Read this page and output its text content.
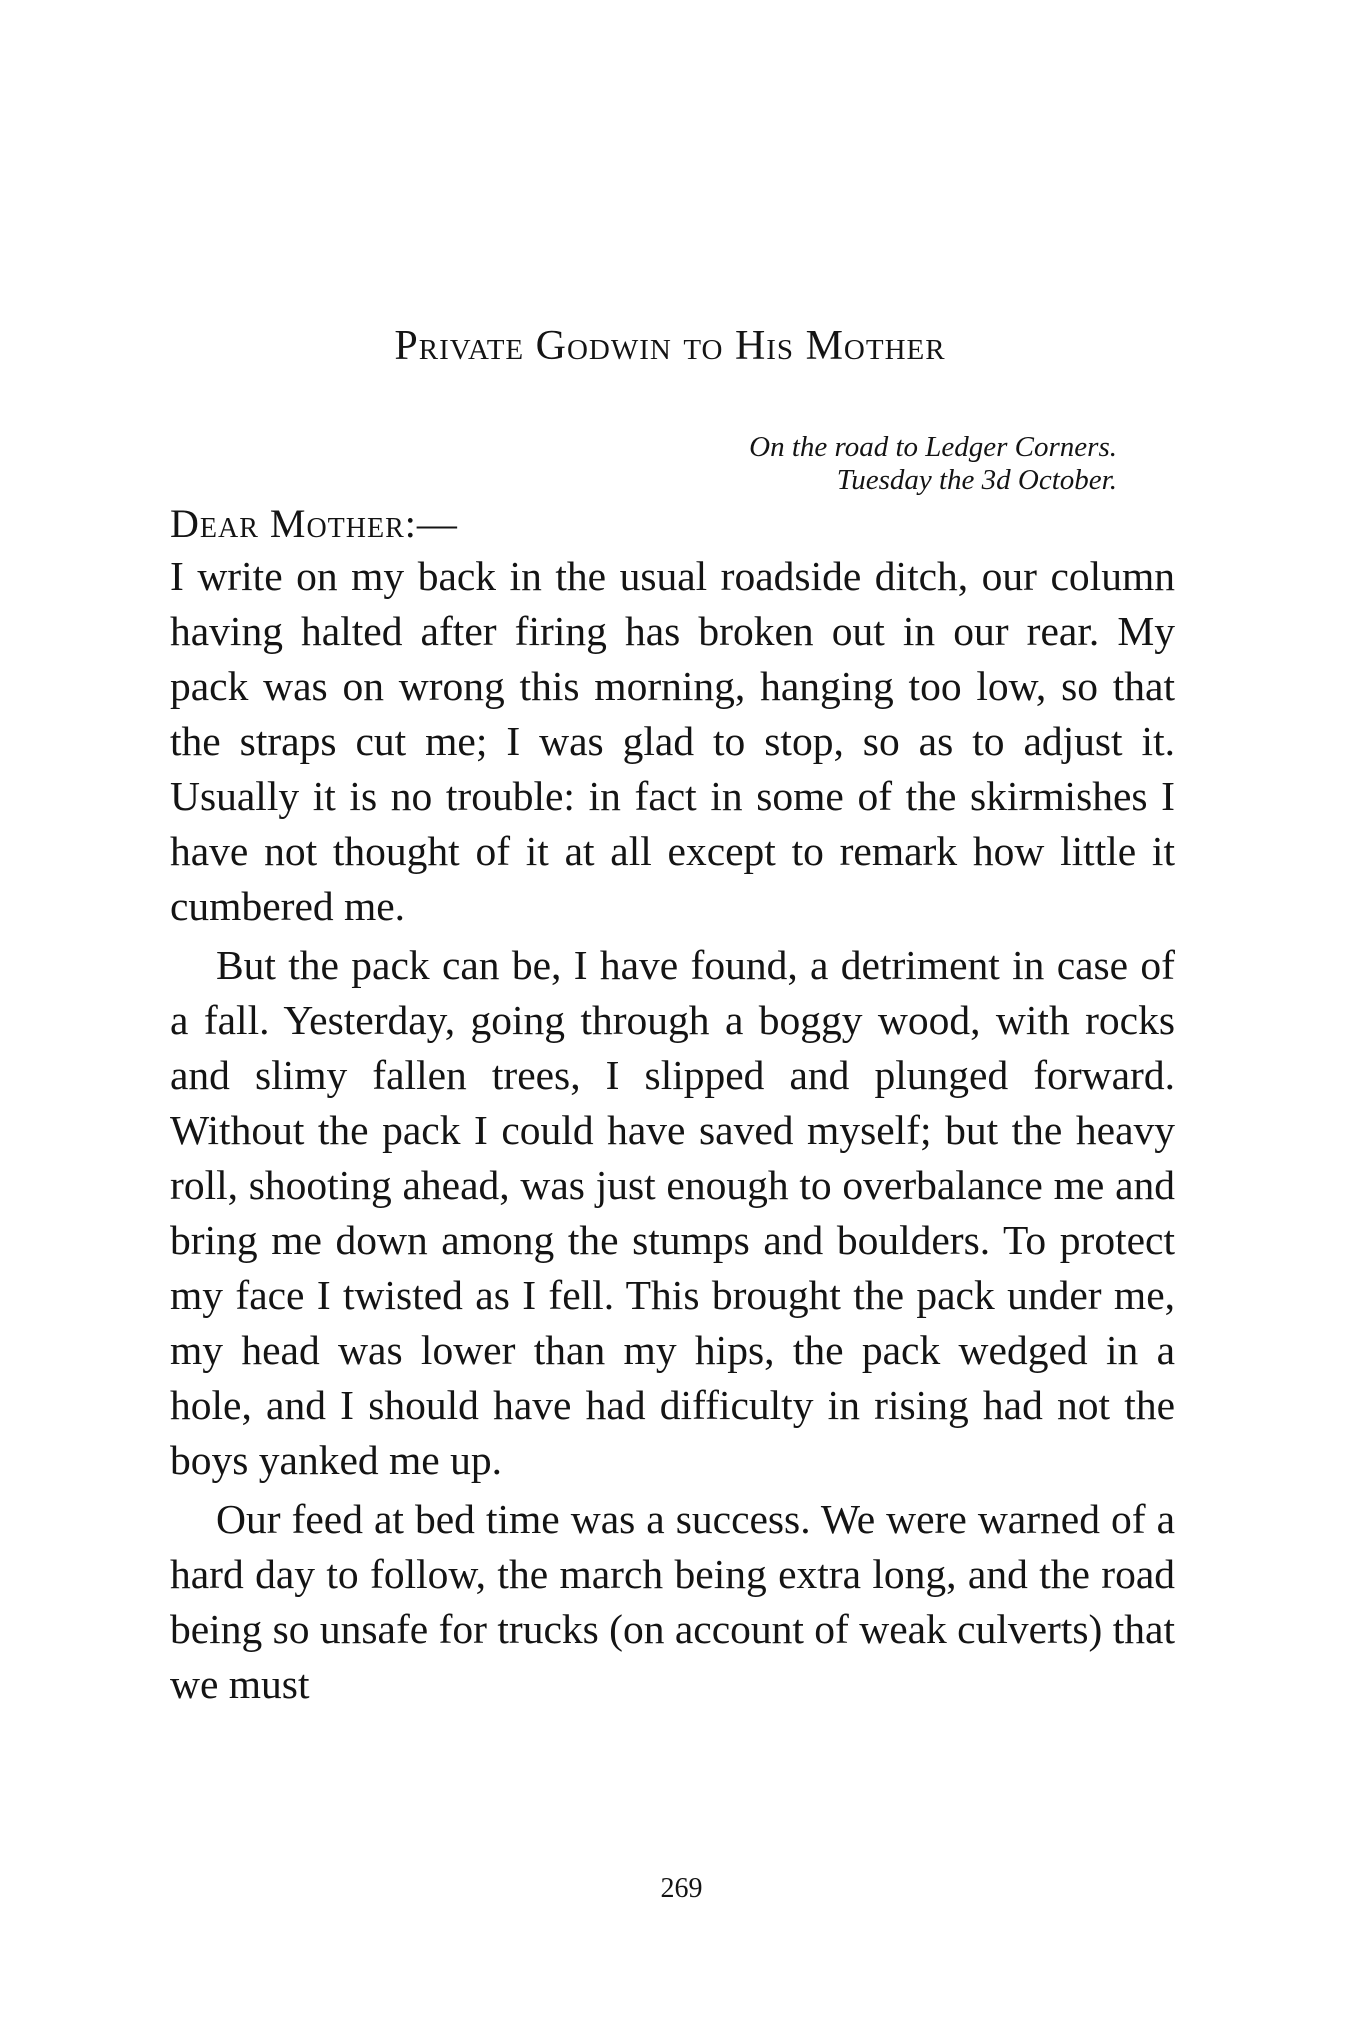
Private Godwin to His Mother
On the road to Ledger Corners.
Tuesday the 3d October.
Dear Mother:—

I write on my back in the usual roadside ditch, our column having halted after firing has broken out in our rear. My pack was on wrong this morning, hanging too low, so that the straps cut me; I was glad to stop, so as to adjust it. Usually it is no trouble: in fact in some of the skirmishes I have not thought of it at all except to remark how little it cumbered me.

But the pack can be, I have found, a detriment in case of a fall. Yesterday, going through a boggy wood, with rocks and slimy fallen trees, I slipped and plunged forward. Without the pack I could have saved myself; but the heavy roll, shooting ahead, was just enough to overbalance me and bring me down among the stumps and boulders. To protect my face I twisted as I fell. This brought the pack under me, my head was lower than my hips, the pack wedged in a hole, and I should have had difficulty in rising had not the boys yanked me up.

Our feed at bed time was a success. We were warned of a hard day to follow, the march being extra long, and the road being so unsafe for trucks (on account of weak culverts) that we must

269
